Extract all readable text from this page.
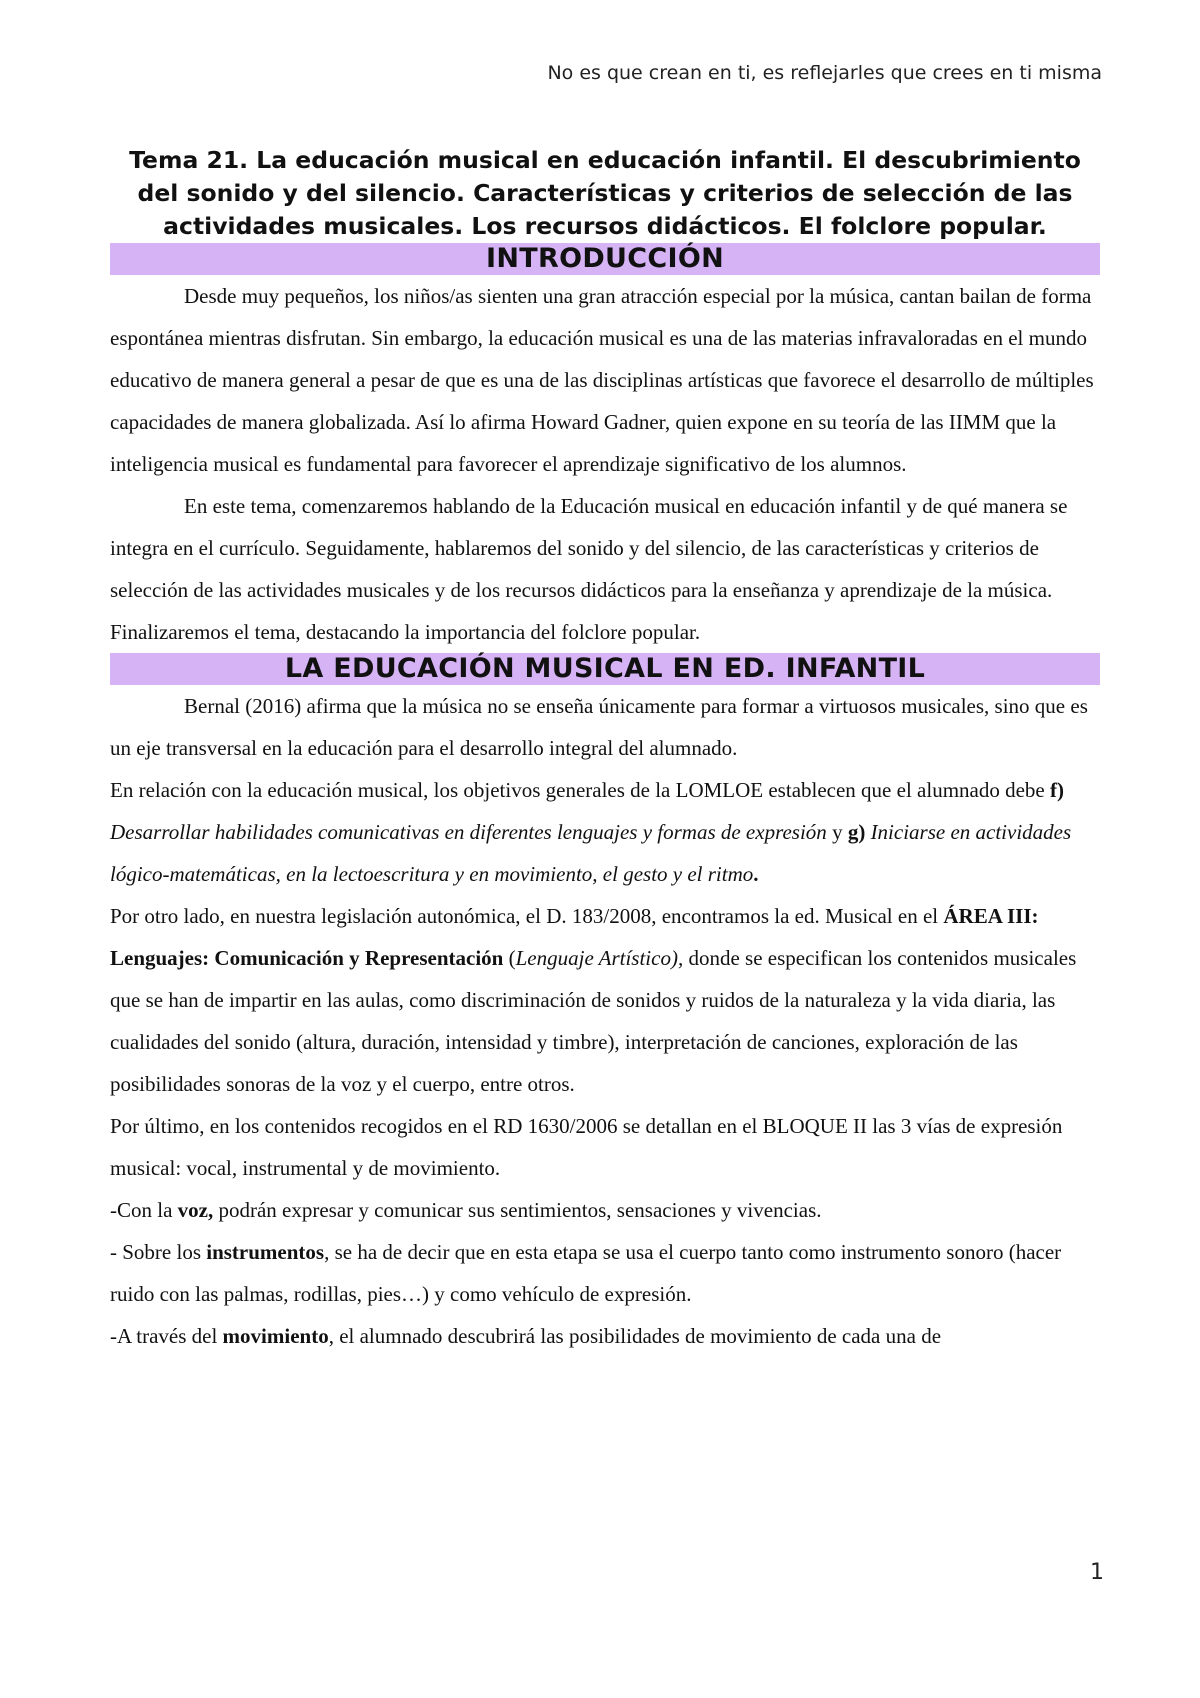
No es que crean en ti, es reflejarles que crees en ti misma
Tema 21. La educación musical en educación infantil. El descubrimiento del sonido y del silencio. Características y criterios de selección de las actividades musicales. Los recursos didácticos. El folclore popular.
INTRODUCCIÓN

Desde muy pequeños, los niños/as sienten una gran atracción especial por la música, cantan bailan de forma espontánea mientras disfrutan. Sin embargo, la educación musical es una de las materias infravaloradas en el mundo educativo de manera general a pesar de que es una de las disciplinas artísticas que favorece el desarrollo de múltiples capacidades de manera globalizada. Así lo afirma Howard Gadner, quien expone en su teoría de las IIMM que la inteligencia musical es fundamental para favorecer el aprendizaje significativo de los alumnos.

En este tema, comenzaremos hablando de la Educación musical en educación infantil y de qué manera se integra en el currículo. Seguidamente, hablaremos del sonido y del silencio, de las características y criterios de selección de las actividades musicales y de los recursos didácticos para la enseñanza y aprendizaje de la música. Finalizaremos el tema, destacando la importancia del folclore popular.

LA EDUCACIÓN MUSICAL EN ED. INFANTIL

Bernal (2016) afirma que la música no se enseña únicamente para formar a virtuosos musicales, sino que es un eje transversal en la educación para el desarrollo integral del alumnado.

En relación con la educación musical, los objetivos generales de la LOMLOE establecen que el alumnado debe f) Desarrollar habilidades comunicativas en diferentes lenguajes y formas de expresión y g) Iniciarse en actividades lógico-matemáticas, en la lectoescritura y en movimiento, el gesto y el ritmo.

Por otro lado, en nuestra legislación autonómica, el D. 183/2008, encontramos la ed. Musical en el ÁREA III: Lenguajes: Comunicación y Representación (Lenguaje Artístico), donde se especifican los contenidos musicales que se han de impartir en las aulas, como discriminación de sonidos y ruidos de la naturaleza y la vida diaria, las cualidades del sonido (altura, duración, intensidad y timbre), interpretación de canciones, exploración de las posibilidades sonoras de la voz y el cuerpo, entre otros.

Por último, en los contenidos recogidos en el RD 1630/2006 se detallan en el BLOQUE II las 3 vías de expresión musical: vocal, instrumental y de movimiento.

-Con la voz, podrán expresar y comunicar sus sentimientos, sensaciones y vivencias.

- Sobre los instrumentos, se ha de decir que en esta etapa se usa el cuerpo tanto como instrumento sonoro (hacer ruido con las palmas, rodillas, pies…) y como vehículo de expresión.

-A través del movimiento, el alumnado descubrirá las posibilidades de movimiento de cada una de

1
